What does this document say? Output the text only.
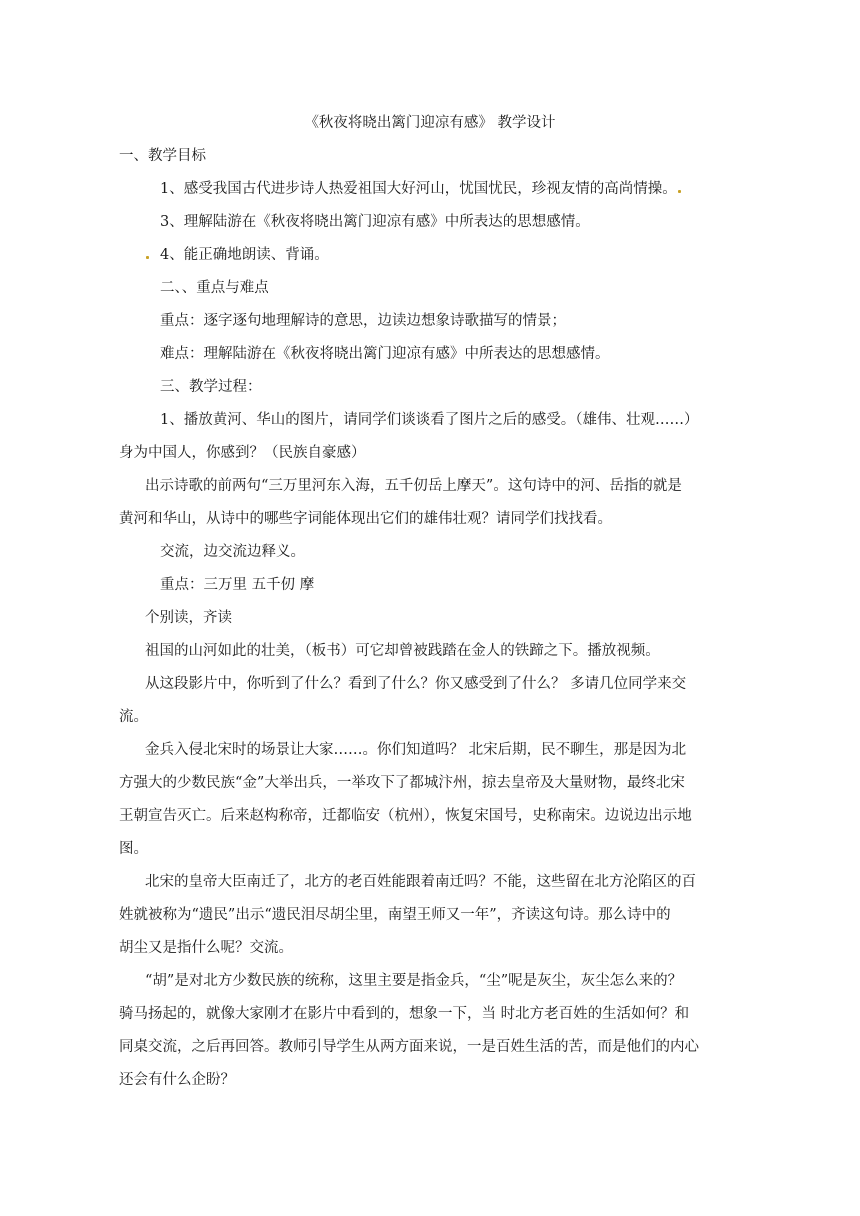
《秋夜将晓出篱门迎凉有感》 教学设计
一、教学目标
1、感受我国古代进步诗人热爱祖国大好河山，忧国忧民，珍视友情的高尚情操。
3、理解陆游在《秋夜将晓出篱门迎凉有感》中所表达的思想感情。
4、能正确地朗读、背诵。
二、、重点与难点
重点：逐字逐句地理解诗的意思，边读边想象诗歌描写的情景；
难点：理解陆游在《秋夜将晓出篱门迎凉有感》中所表达的思想感情。
三、教学过程：
1、播放黄河、华山的图片，请同学们谈谈看了图片之后的感受。（雄伟、壮观……）
身为中国人，你感到？（民族自豪感）
出示诗歌的前两句“三万里河东入海，五千仞岳上摩天”。这句诗中的河、岳指的就是
黄河和华山，从诗中的哪些字词能体现出它们的雄伟壮观？请同学们找找看。
交流，边交流边释义。
重点：三万里 五千仞 摩
个别读，齐读
祖国的山河如此的壮美，（板书）可它却曾被践踏在金人的铁蹄之下。播放视频。
从这段影片中，你听到了什么？看到了什么？你又感受到了什么？ 多请几位同学来交
流。
金兵入侵北宋时的场景让大家……。你们知道吗？ 北宋后期，民不聊生，那是因为北
方强大的少数民族“金”大举出兵，一举攻下了都城汴州，掠去皇帝及大量财物，最终北宋
王朝宣告灭亡。后来赵构称帝，迁都临安（杭州），恢复宋国号，史称南宋。边说边出示地
图。
北宋的皇帝大臣南迁了，北方的老百姓能跟着南迁吗？不能，这些留在北方沦陷区的百
姓就被称为“遗民”出示“遗民泪尽胡尘里，南望王师又一年”，齐读这句诗。那么诗中的
胡尘又是指什么呢？交流。
“胡”是对北方少数民族的统称，这里主要是指金兵，“尘”呢是灰尘，灰尘怎么来的？
骑马扬起的，就像大家刚才在影片中看到的，想象一下，当 时北方老百姓的生活如何？和
同桌交流，之后再回答。教师引导学生从两方面来说，一是百姓生活的苦，而是他们的内心
还会有什么企盼？
